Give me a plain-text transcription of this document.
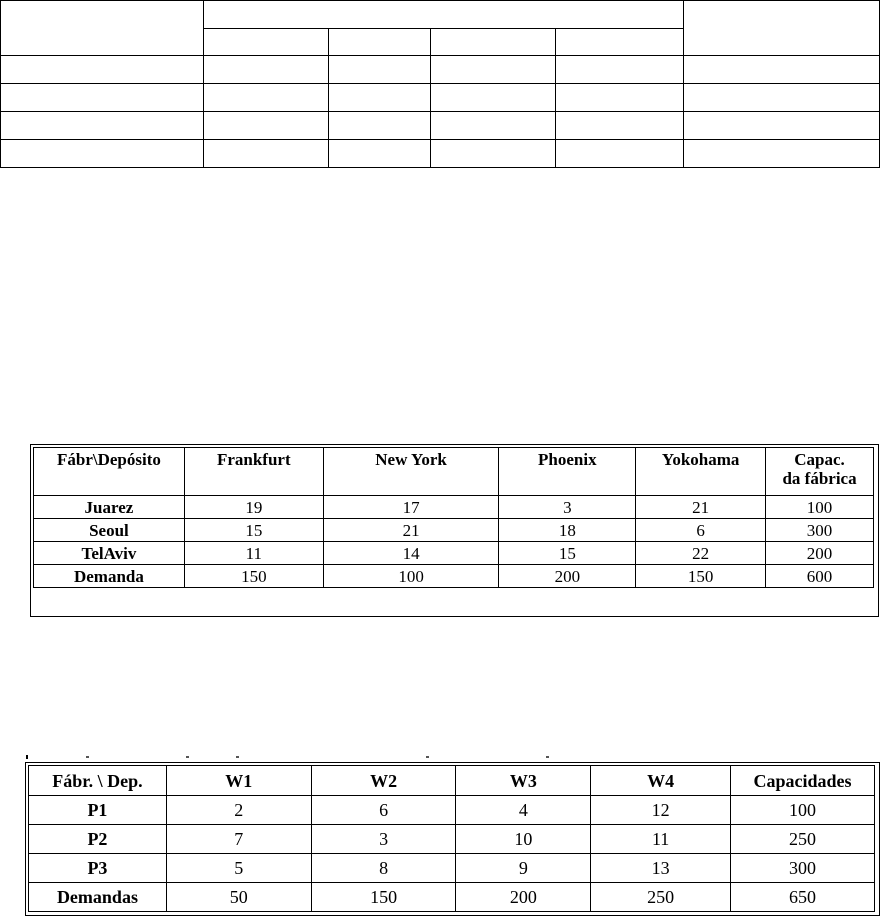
Fábr\Depósito	Frankfurt	New York	Phoenix	Yokohama	Capac.
da fábrica
Juarez	19	17	3	21	100
Seoul	15	21	18	6	300
TelAviv	11	14	15	22	200
Demanda	150	100	200	150	600
Fábr. \ Dep.	W1	W2	W3	W4	Capacidades
P1	2	6	4	12	100
P2	7	3	10	11	250
P3	5	8	9	13	300
Demandas	50	150	200	250	650
